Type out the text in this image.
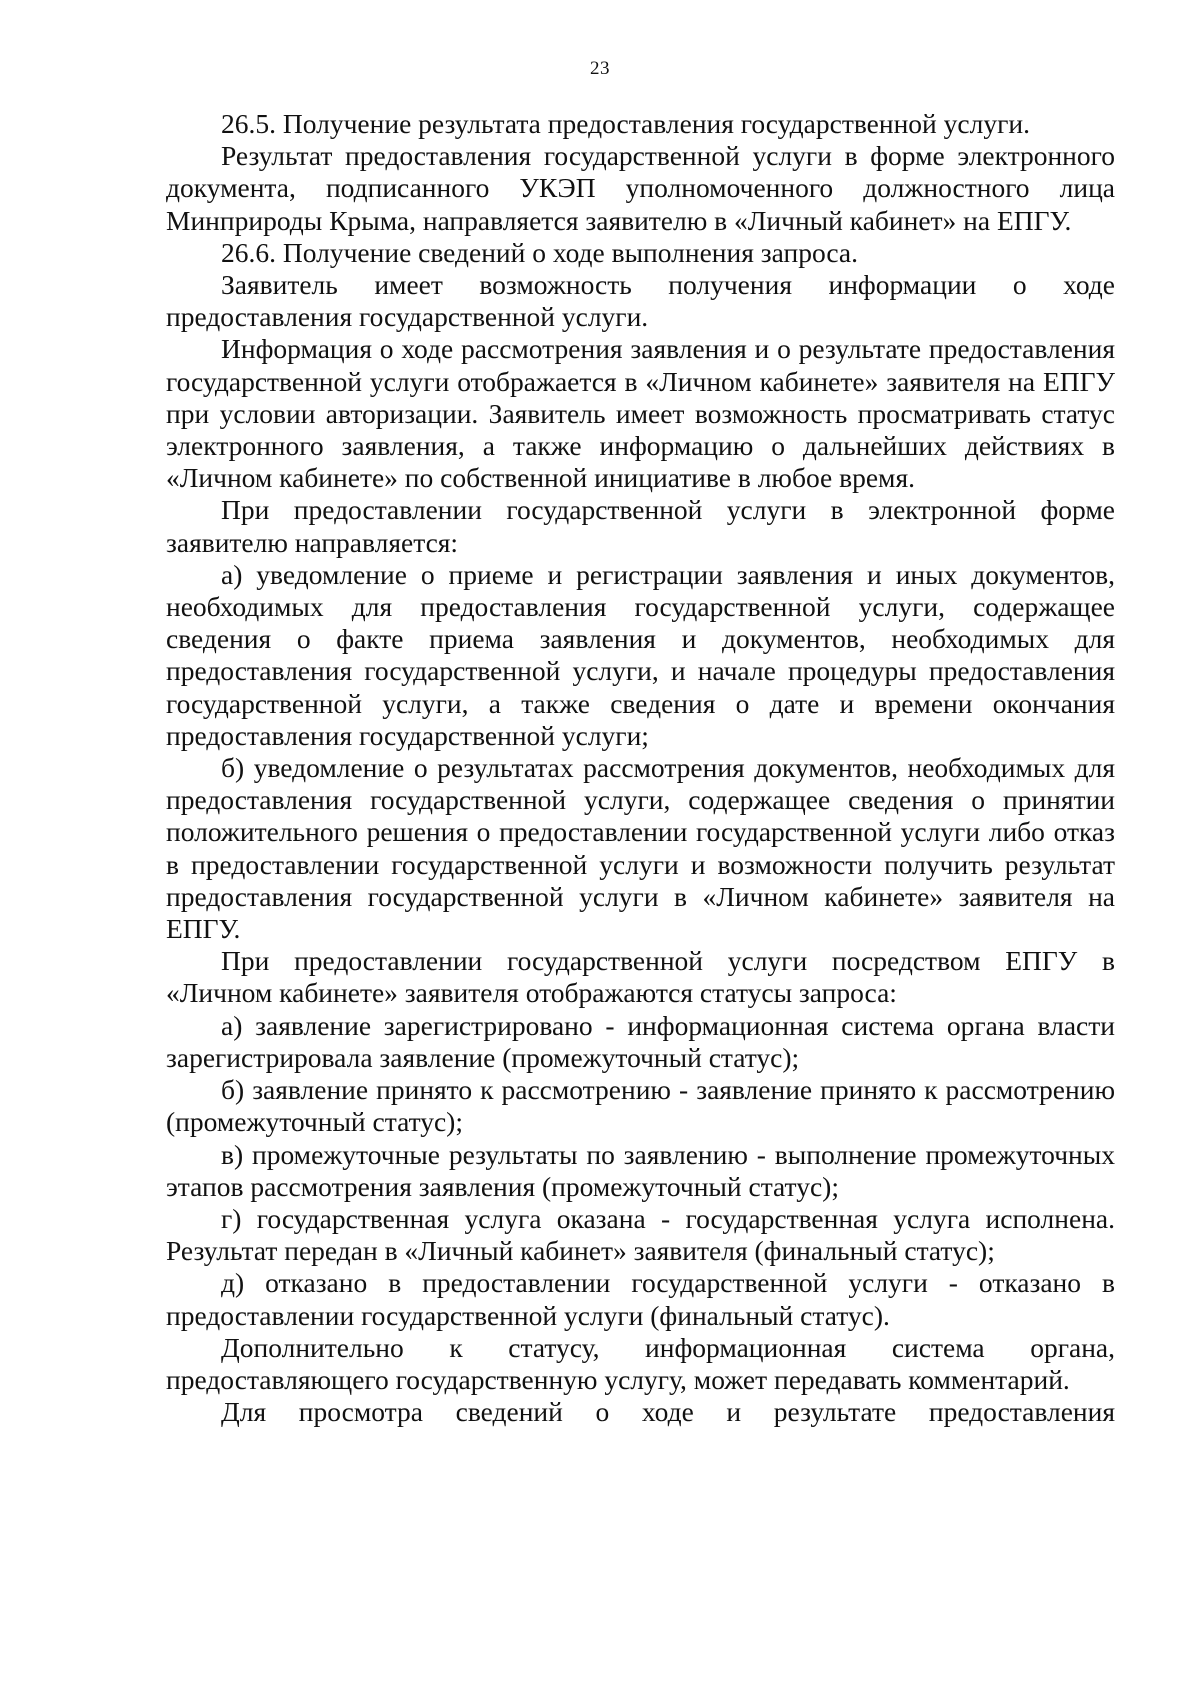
23

26.5. Получение результата предоставления государственной услуги.

Результат предоставления государственной услуги в форме электронного документа, подписанного УКЭП уполномоченного должностного лица Минприроды Крыма, направляется заявителю в «Личный кабинет» на ЕПГУ.

26.6. Получение сведений о ходе выполнения запроса.

Заявитель имеет возможность получения информации о ходе предоставления государственной услуги.

Информация о ходе рассмотрения заявления и о результате предоставления государственной услуги отображается в «Личном кабинете» заявителя на ЕПГУ при условии авторизации. Заявитель имеет возможность просматривать статус электронного заявления, а также информацию о дальнейших действиях в «Личном кабинете» по собственной инициативе в любое время.

При предоставлении государственной услуги в электронной форме заявителю направляется:

а) уведомление о приеме и регистрации заявления и иных документов, необходимых для предоставления государственной услуги, содержащее сведения о факте приема заявления и документов, необходимых для предоставления государственной услуги, и начале процедуры предоставления государственной услуги, а также сведения о дате и времени окончания предоставления государственной услуги;

б) уведомление о результатах рассмотрения документов, необходимых для предоставления государственной услуги, содержащее сведения о принятии положительного решения о предоставлении государственной услуги либо отказ в предоставлении государственной услуги и возможности получить результат предоставления государственной услуги в «Личном кабинете» заявителя на ЕПГУ.

При предоставлении государственной услуги посредством ЕПГУ в «Личном кабинете» заявителя отображаются статусы запроса:

а) заявление зарегистрировано - информационная система органа власти зарегистрировала заявление (промежуточный статус);

б) заявление принято к рассмотрению - заявление принято к рассмотрению (промежуточный статус);

в) промежуточные результаты по заявлению - выполнение промежуточных этапов рассмотрения заявления (промежуточный статус);

г) государственная услуга оказана - государственная услуга исполнена. Результат передан в «Личный кабинет» заявителя (финальный статус);

д) отказано в предоставлении государственной услуги - отказано в предоставлении государственной услуги (финальный статус).

Дополнительно к статусу, информационная система органа, предоставляющего государственную услугу, может передавать комментарий.

Для просмотра сведений о ходе и результате предоставления
